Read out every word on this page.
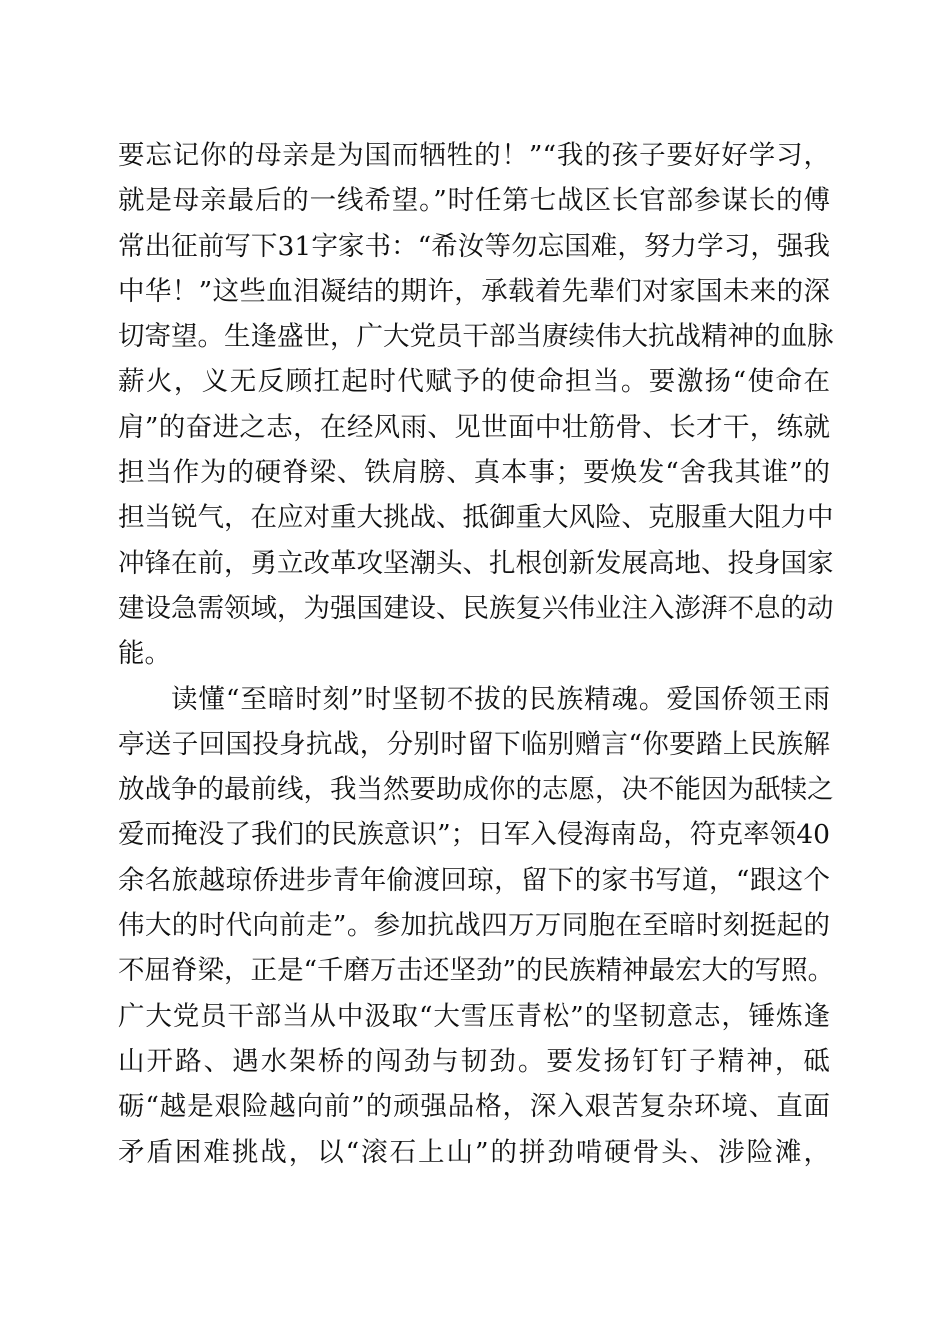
要忘记你的母亲是为国而牺牲的！”“我的孩子要好好学习，
就是母亲最后的一线希望。”时任第七战区长官部参谋长的傅
常出征前写下31字家书：“希汝等勿忘国难，努力学习，强我
中华！”这些血泪凝结的期许，承载着先辈们对家国未来的深
切寄望。生逢盛世，广大党员干部当赓续伟大抗战精神的血脉
薪火，义无反顾扛起时代赋予的使命担当。要激扬“使命在
肩”的奋进之志，在经风雨、见世面中壮筋骨、长才干，练就
担当作为的硬脊梁、铁肩膀、真本事；要焕发“舍我其谁”的
担当锐气，在应对重大挑战、抵御重大风险、克服重大阻力中
冲锋在前，勇立改革攻坚潮头、扎根创新发展高地、投身国家
建设急需领域，为强国建设、民族复兴伟业注入澎湃不息的动
能。
读懂“至暗时刻”时坚韧不拔的民族精魂。爱国侨领王雨
亭送子回国投身抗战，分别时留下临别赠言“你要踏上民族解
放战争的最前线，我当然要助成你的志愿，决不能因为舐犊之
爱而掩没了我们的民族意识”；日军入侵海南岛，符克率领40
余名旅越琼侨进步青年偷渡回琼，留下的家书写道，“跟这个
伟大的时代向前走”。参加抗战四万万同胞在至暗时刻挺起的
不屈脊梁，正是“千磨万击还坚劲”的民族精神最宏大的写照。
广大党员干部当从中汲取“大雪压青松”的坚韧意志，锤炼逢
山开路、遇水架桥的闯劲与韧劲。要发扬钉钉子精神，砥
砺“越是艰险越向前”的顽强品格，深入艰苦复杂环境、直面
矛盾困难挑战，以“滚石上山”的拼劲啃硬骨头、涉险滩，
